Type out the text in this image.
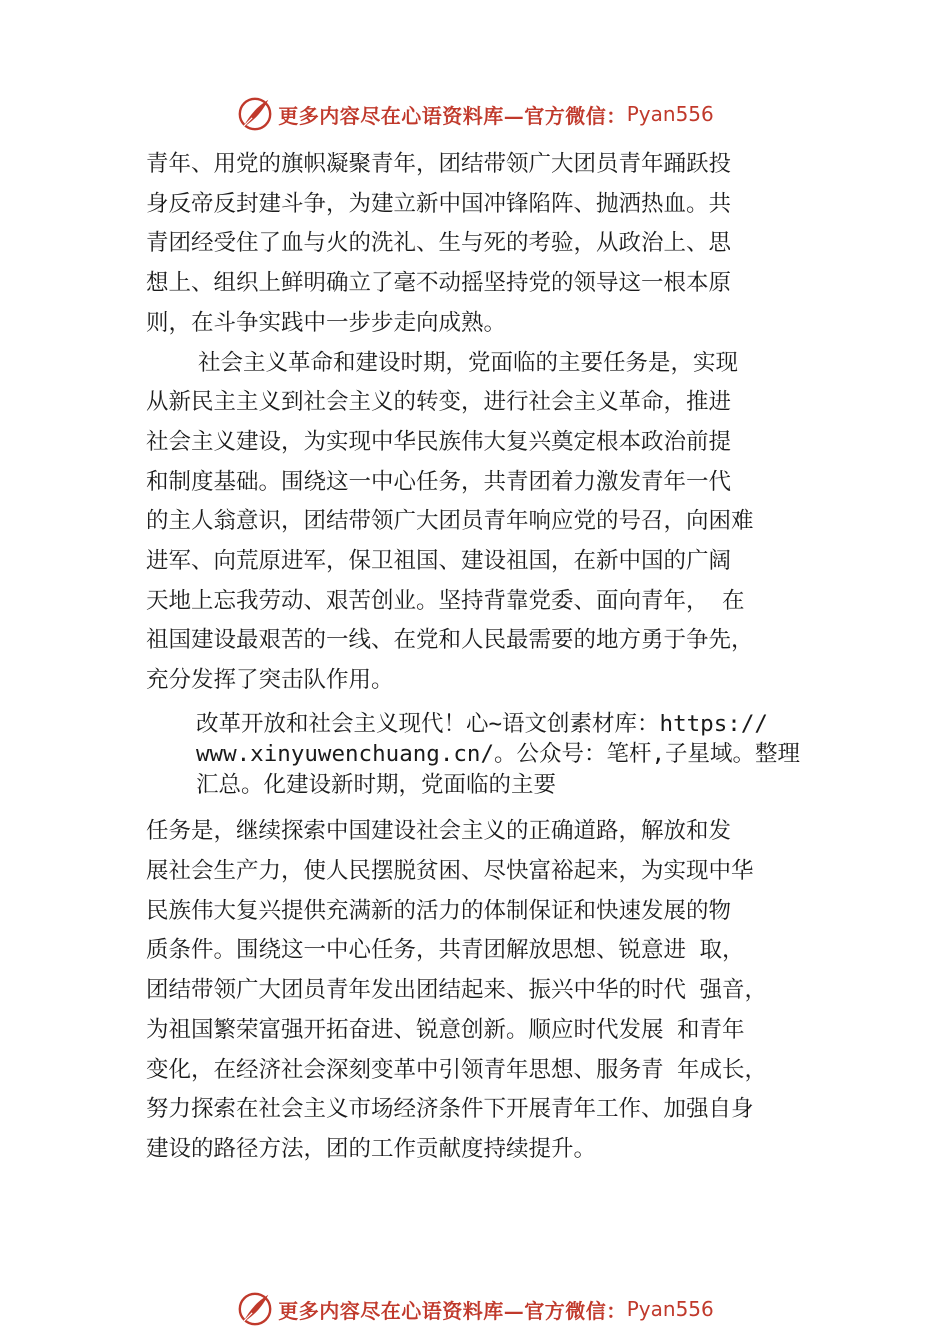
更多内容尽在心语资料库— 官方微信： Pyan556

青年、用党的旗帜凝聚青年，团结带领广大团员青年踊跃投
身反帝反封建斗争，为建立新中国冲锋陷阵、抛洒热血。共
青团经受住了血与火的洗礼、生与死的考验，从政治上、思
想上、组织上鲜明确立了毫不动摇坚持党的领导这一根本原
则，在斗争实践中一步步走向成熟。

社会主义革命和建设时期，党面临的主要任务是，实现
从新民主主义到社会主义的转变，进行社会主义革命，推进
社会主义建设，为实现中华民族伟大复兴奠定根本政治前提
和制度基础。围绕这一中心任务，共青团着力激发青年一代
的主人翁意识，团结带领广大团员青年响应党的号召，向困难
进军、向荒原进军，保卫祖国、建设祖国，在新中国的广阔
天地上忘我劳动、艰苦创业。坚持背靠党委、面向青年， 在
祖国建设最艰苦的一线、在党和人民最需要的地方勇于争先，
充分发挥了突击队作用。

改革开放和社会主义现代！心~语文创素材库：https://
www.xinyuwenchuang.cn/。公众号：笔杆,子星域。整理
汇总。化建设新时期，党面临的主要

任务是，继续探索中国建设社会主义的正确道路，解放和发
展社会生产力，使人民摆脱贫困、尽快富裕起来，为实现中华
民族伟大复兴提供充满新的活力的体制保证和快速发展的物
质条件。围绕这一中心任务，共青团解放思想、锐意进 取，
团结带领广大团员青年发出团结起来、振兴中华的时代 强音，
为祖国繁荣富强开拓奋进、锐意创新。顺应时代发展 和青年
变化，在经济社会深刻变革中引领青年思想、服务青 年成长，
努力探索在社会主义市场经济条件下开展青年工作、加强自身
建设的路径方法，团的工作贡献度持续提升。

更多内容尽在心语资料库— 官方微信： Pyan556
